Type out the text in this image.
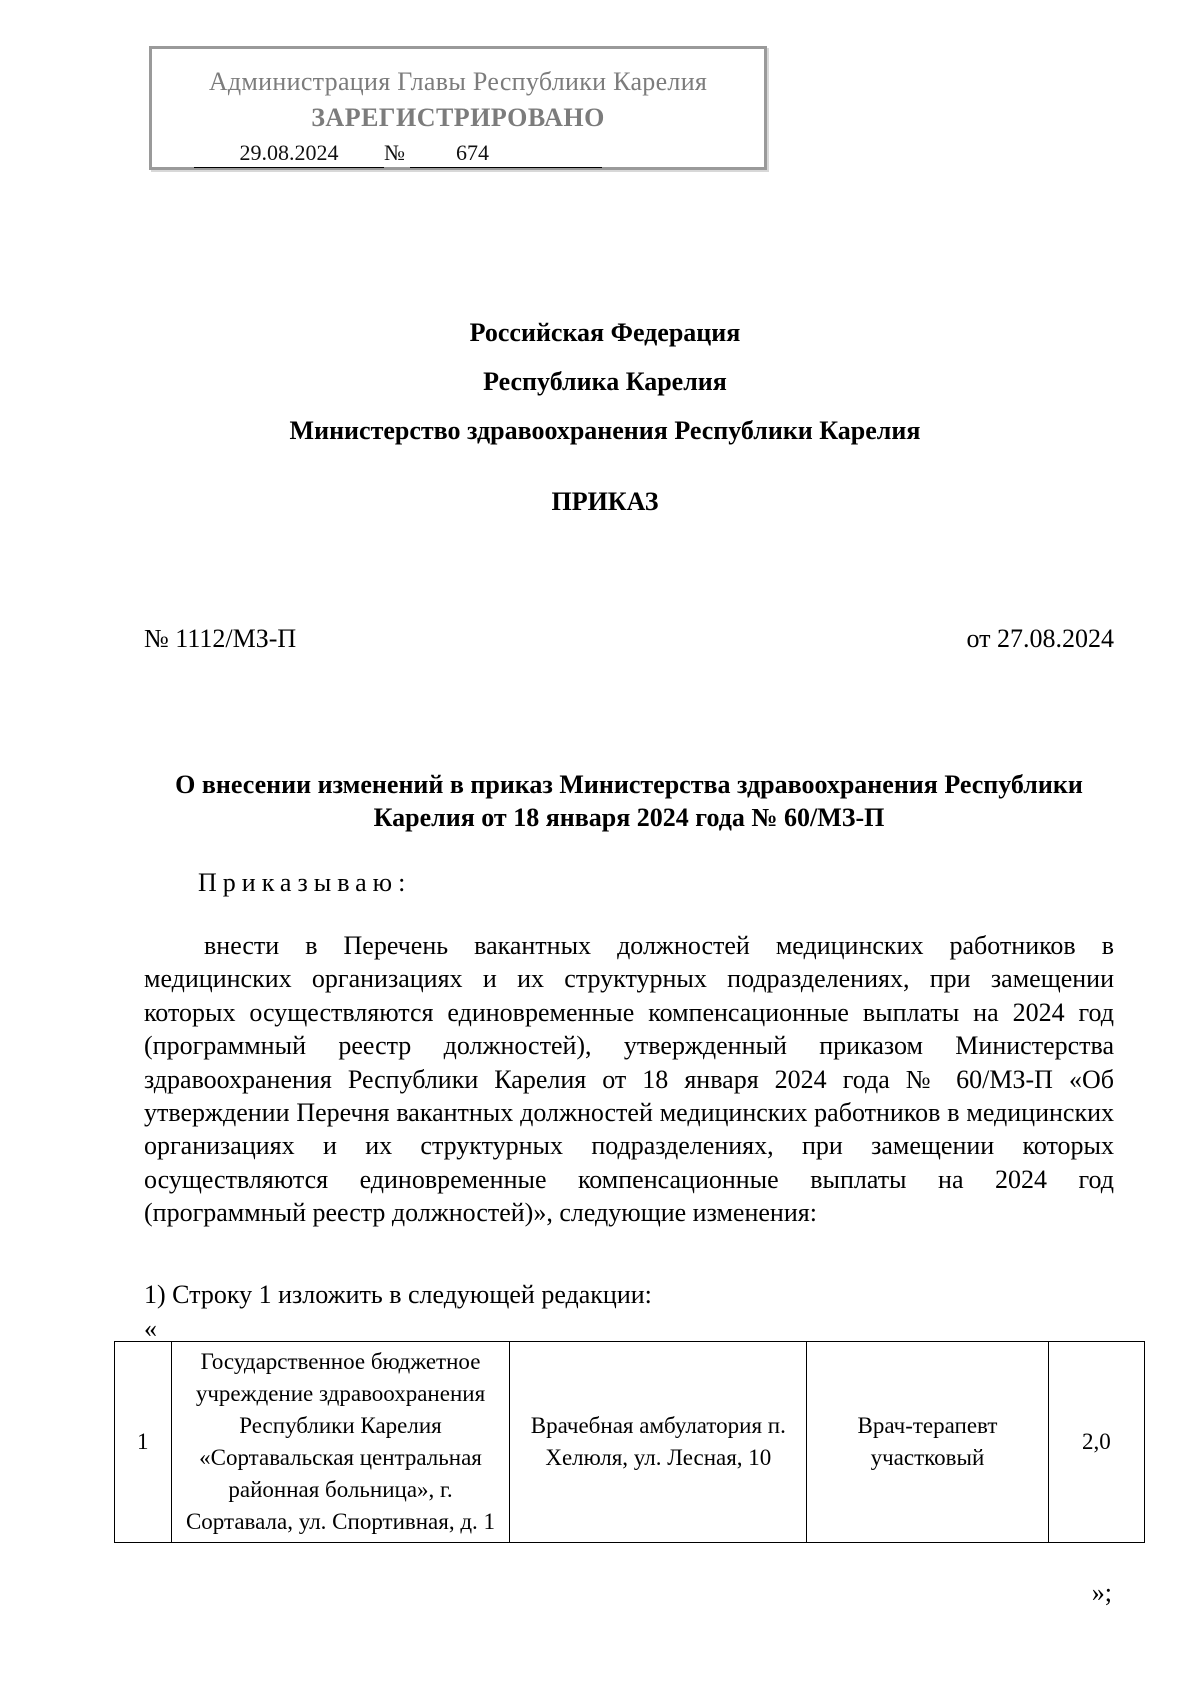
Администрация Главы Республики Карелия
ЗАРЕГИСТРИРОВАНО
29.08.2024	№	674
Российская Федерация
Республика Карелия
Министерство здравоохранения Республики Карелия
ПРИКАЗ
№ 1112/МЗ-П	от 27.08.2024
О внесении изменений в приказ Министерства здравоохранения Республики Карелия от 18 января 2024 года № 60/МЗ-П
Приказываю:
внести в Перечень вакантных должностей медицинских работников в медицинских организациях и их структурных подразделениях, при замещении которых осуществляются единовременные компенсационные выплаты на 2024 год (программный реестр должностей), утвержденный приказом Министерства здравоохранения Республики Карелия от 18 января 2024 года № 60/МЗ-П «Об утверждении Перечня вакантных должностей медицинских работников в медицинских организациях и их структурных подразделениях, при замещении которых осуществляются единовременные компенсационные выплаты на 2024 год (программный реестр должностей)», следующие изменения:
1) Строку 1 изложить в следующей редакции:
«
1	Государственное бюджетное учреждение здравоохранения Республики Карелия «Сортавальская центральная районная больница», г. Сортавала, ул. Спортивная, д. 1	Врачебная амбулатория п. Хелюля, ул. Лесная, 10	Врач-терапевт участковый	2,0
»;
